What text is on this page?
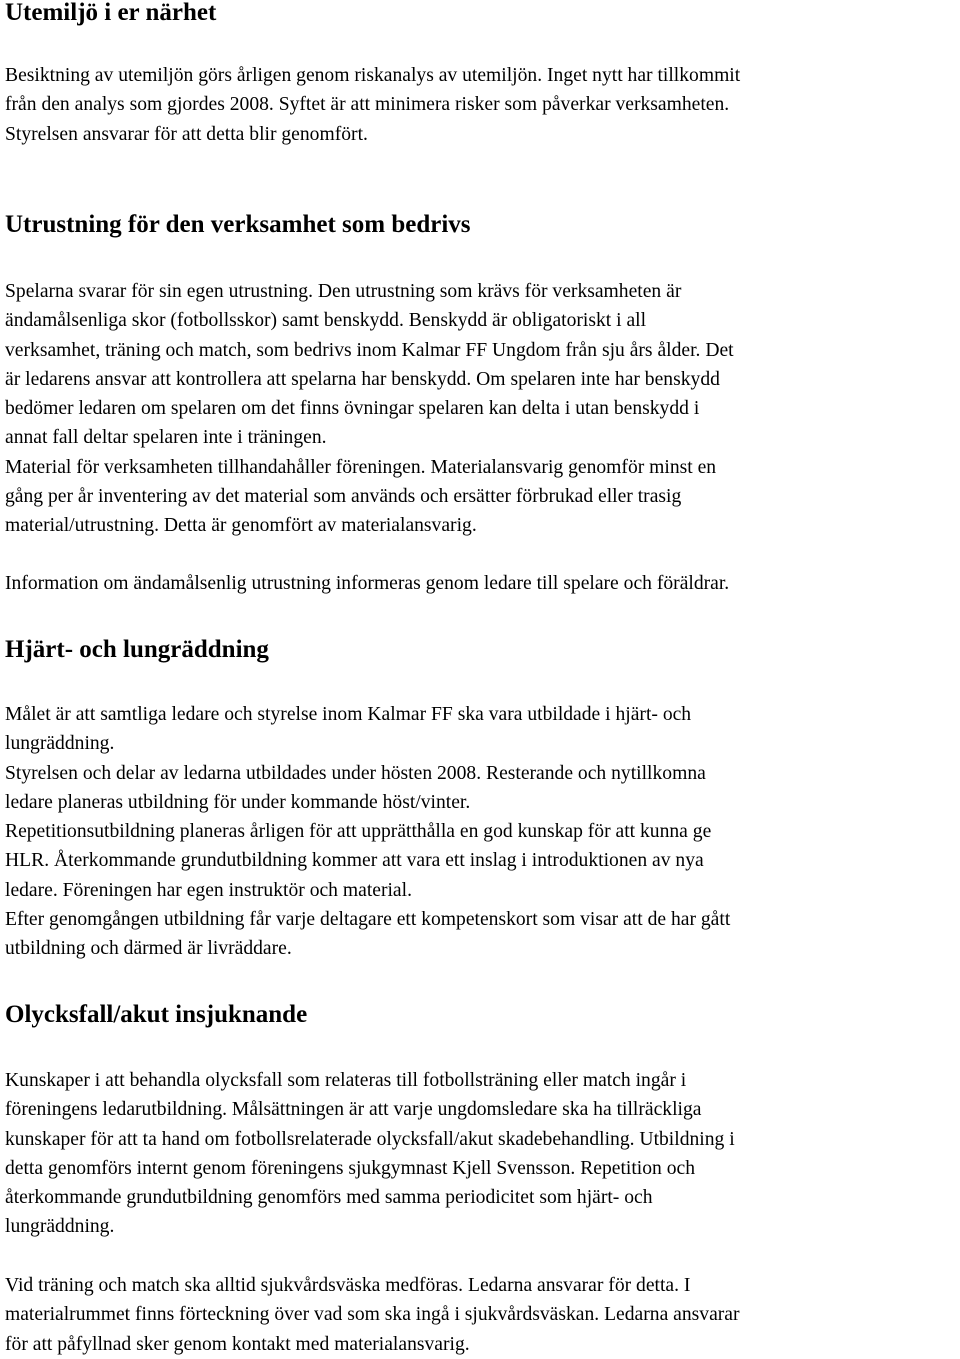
Utemiljö i er närhet

Besiktning av utemiljön görs årligen genom riskanalys av utemiljön. Inget nytt har tillkommit
från den analys som gjordes 2008. Syftet är att minimera risker som påverkar verksamheten.
Styrelsen ansvarar för att detta blir genomfört.

Utrustning för den verksamhet som bedrivs

Spelarna svarar för sin egen utrustning. Den utrustning som krävs för verksamheten är
ändamålsenliga skor (fotbollsskor) samt benskydd. Benskydd är obligatoriskt i all
verksamhet, träning och match, som bedrivs inom Kalmar FF Ungdom från sju års ålder. Det
är ledarens ansvar att kontrollera att spelarna har benskydd. Om spelaren inte har benskydd
bedömer ledaren om spelaren om det finns övningar spelaren kan delta i utan benskydd i
annat fall deltar spelaren inte i träningen.
Material för verksamheten tillhandahåller föreningen. Materialansvarig genomför minst en
gång per år inventering av det material som används och ersätter förbrukad eller trasig
material/utrustning. Detta är genomfört av materialansvarig.

Information om ändamålsenlig utrustning informeras genom ledare till spelare och föräldrar.

Hjärt- och lungräddning

Målet är att samtliga ledare och styrelse inom Kalmar FF ska vara utbildade i hjärt- och
lungräddning.
Styrelsen och delar av ledarna utbildades under hösten 2008. Resterande och nytillkomna
ledare planeras utbildning för under kommande höst/vinter.
Repetitionsutbildning planeras årligen för att upprätthålla en god kunskap för att kunna ge
HLR. Återkommande grundutbildning kommer att vara ett inslag i introduktionen av nya
ledare. Föreningen har egen instruktör och material.
Efter genomgången utbildning får varje deltagare ett kompetenskort som visar att de har gått
utbildning och därmed är livräddare.

Olycksfall/akut insjuknande

Kunskaper i att behandla olycksfall som relateras till fotbollsträning eller match ingår i
föreningens ledarutbildning. Målsättningen är att varje ungdomsledare ska ha tillräckliga
kunskaper för att ta hand om fotbollsrelaterade olycksfall/akut skadebehandling. Utbildning i
detta genomförs internt genom föreningens sjukgymnast Kjell Svensson. Repetition och
återkommande grundutbildning genomförs med samma periodicitet som hjärt- och
lungräddning.

Vid träning och match ska alltid sjukvårdsväska medföras. Ledarna ansvarar för detta. I
materialrummet finns förteckning över vad som ska ingå i sjukvårdsväskan. Ledarna ansvarar
för att påfyllnad sker genom kontakt med materialansvarig.
